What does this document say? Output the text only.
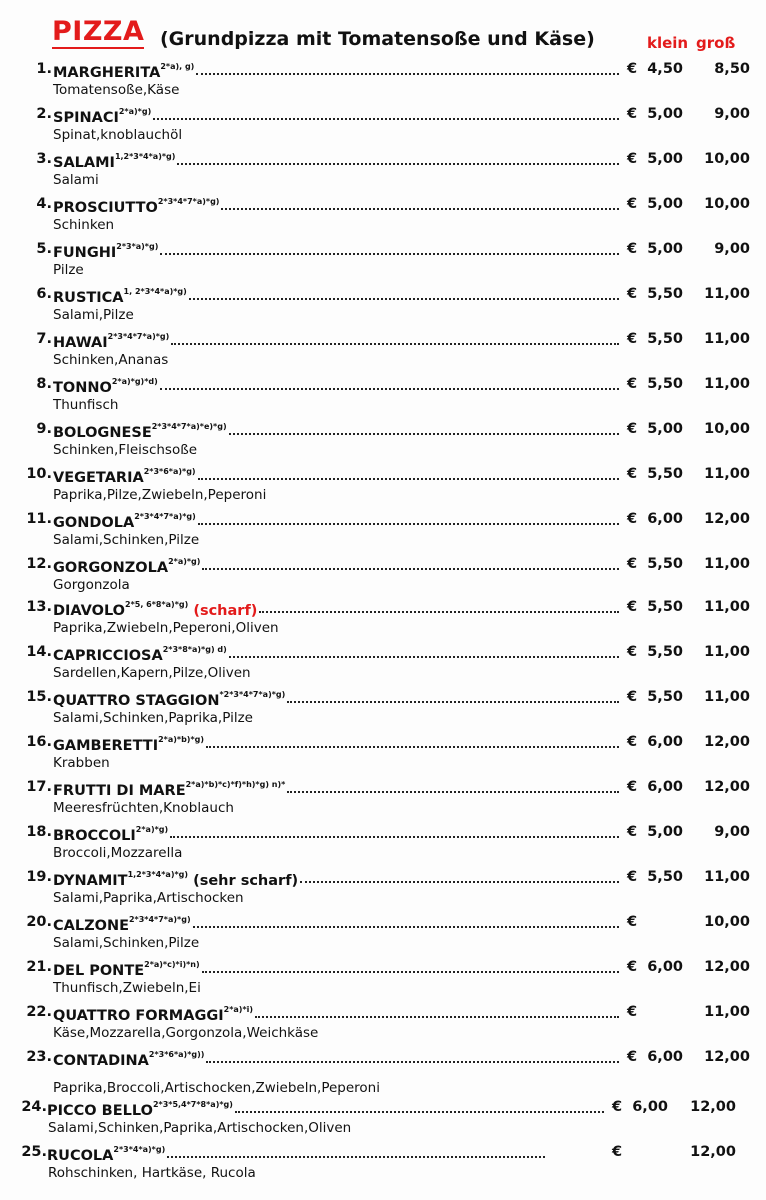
PIZZA (Grundpizza mit Tomatensoße und Käse)	klein groß
1. $MARGHERITA^{2*a), g)}$	€ 4,50	8,50
Tomatensoße,Käse
2. $SPINACI^{2*a)*g)}$	€ 5,00	9,00
Spinat,knoblauchöl
3. $SALAMI^{1,2*3*4*a)*g)}$	€ 5,00	10,00
Salami
4. $PROSCIUTTO^{2*3*4*7*a)*g)}$	€ 5,00	10,00
Schinken
5. $FUNGHI^{2*3*a)*g)}$	€ 5,00	9,00
Pilze
6. $RUSTICA^{1, 2*3*4*a)*g)}$	€ 5,50	11,00
Salami,Pilze
7. $HAWAI^{2*3*4*7*a)*g)}$	€ 5,50	11,00
Schinken,Ananas
8. $TONNO^{2*a)*g)*d)}$	€ 5,50	11,00
Thunfisch
9. $BOLOGNESE^{2*3*4*7*a)*e)*g)}$	€ 5,00	10,00
Schinken,Fleischsoße
10. $VEGETARIA^{2*3*6*a)*g)}$	€ 5,50	11,00
Paprika,Pilze,Zwiebeln,Peperoni
11. $GONDOLA^{2*3*4*7*a)*g)}$	€ 6,00	12,00
Salami,Schinken,Pilze
12. $GORGONZOLA^{2*a)*g)}$	€ 5,50	11,00
Gorgonzola
13. $DIAVOLO^{2*5, 6*8*a)*g)}$ (scharf)	€ 5,50	11,00
Paprika,Zwiebeln,Peperoni,Oliven
14. $CAPRICCIOSA^{2*3*8*a)*g) d)}$	€ 5,50	11,00
Sardellen,Kapern,Pilze,Oliven
15. QUATTRO $STAGGION^{*2*3*4*7*a)*g)}$	€ 5,50	11,00
Salami,Schinken,Paprika,Pilze
16. $GAMBERETTI^{2*a)*b)*g)}$	€ 6,00	12,00
Krabben
17. FRUTTI DI $MARE^{2*a)*b)*c)*f)*h)*g) n)*}$	€ 6,00	12,00
Meeresfrüchten,Knoblauch
18. $BROCCOLI^{2*a)*g)}$	€ 5,00	9,00
Broccoli,Mozzarella
19. $DYNAMIT^{1,2*3*4*a)*g)}$ (sehr scharf)	€ 5,50	11,00
Salami,Paprika,Artischocken
20. $CALZONE^{2*3*4*7*a)*g)}$	€	10,00
Salami,Schinken,Pilze
21. DEL $PONTE^{2*a)*c)*i)*n)}$	€ 6,00	12,00
Thunfisch,Zwiebeln,Ei
22. QUATTRO $FORMAGGI^{2*a)*i)}$	€	11,00
Käse,Mozzarella,Gorgonzola,Weichkäse
23. $CONTADINA^{2*3*6*a)*g))}$	€ 6,00	12,00
Paprika,Broccoli,Artischocken,Zwiebeln,Peperoni
24. PICCO $BELLO^{2*3*5,4*7*8*a)*g)}$	€ 6,00	12,00
Salami,Schinken,Paprika,Artischocken,Oliven
25. $RUCOLA^{2*3*4*a)*g)}$	€	12,00
Rohschinken, Hartkäse, Rucola
